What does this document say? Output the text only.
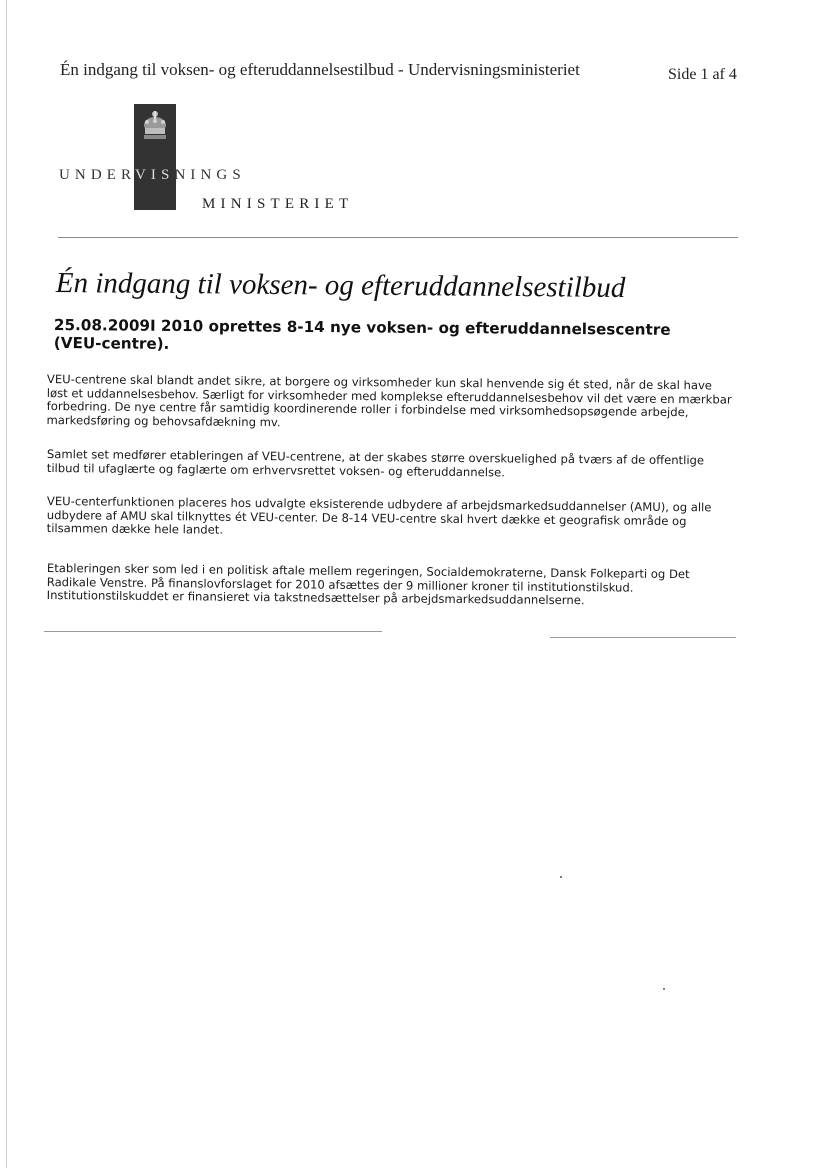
Én indgang til voksen- og efteruddannelsestilbud - Undervisningsministeriet	Side 1 af 4
UNDERVISNINGS
MINISTERIET
Én indgang til voksen- og efteruddannelsestilbud
25.08.2009I 2010 oprettes 8-14 nye voksen- og efteruddannelsescentre (VEU-centre).

VEU-centrene skal blandt andet sikre, at borgere og virksomheder kun skal henvende sig ét sted, når de skal have løst et uddannelsesbehov. Særligt for virksomheder med komplekse efteruddannelsesbehov vil det være en mærkbar forbedring. De nye centre får samtidig koordinerende roller i forbindelse med virksomhedsopsøgende arbejde, markedsføring og behovsafdækning mv.

Samlet set medfører etableringen af VEU-centrene, at der skabes større overskuelighed på tværs af de offentlige tilbud til ufaglærte og faglærte om erhvervsrettet voksen- og efteruddannelse.

VEU-centerfunktionen placeres hos udvalgte eksisterende udbydere af arbejdsmarkedsuddannelser (AMU), og alle udbydere af AMU skal tilknyttes ét VEU-center. De 8-14 VEU-centre skal hvert dække et geografisk område og tilsammen dække hele landet.

Etableringen sker som led i en politisk aftale mellem regeringen, Socialdemokraterne, Dansk Folkeparti og Det Radikale Venstre. På finanslovforslaget for 2010 afsættes der 9 millioner kroner til institutionstilskud. Institutionstilskuddet er finansieret via takstnedsættelser på arbejdsmarkedsuddannelserne.
